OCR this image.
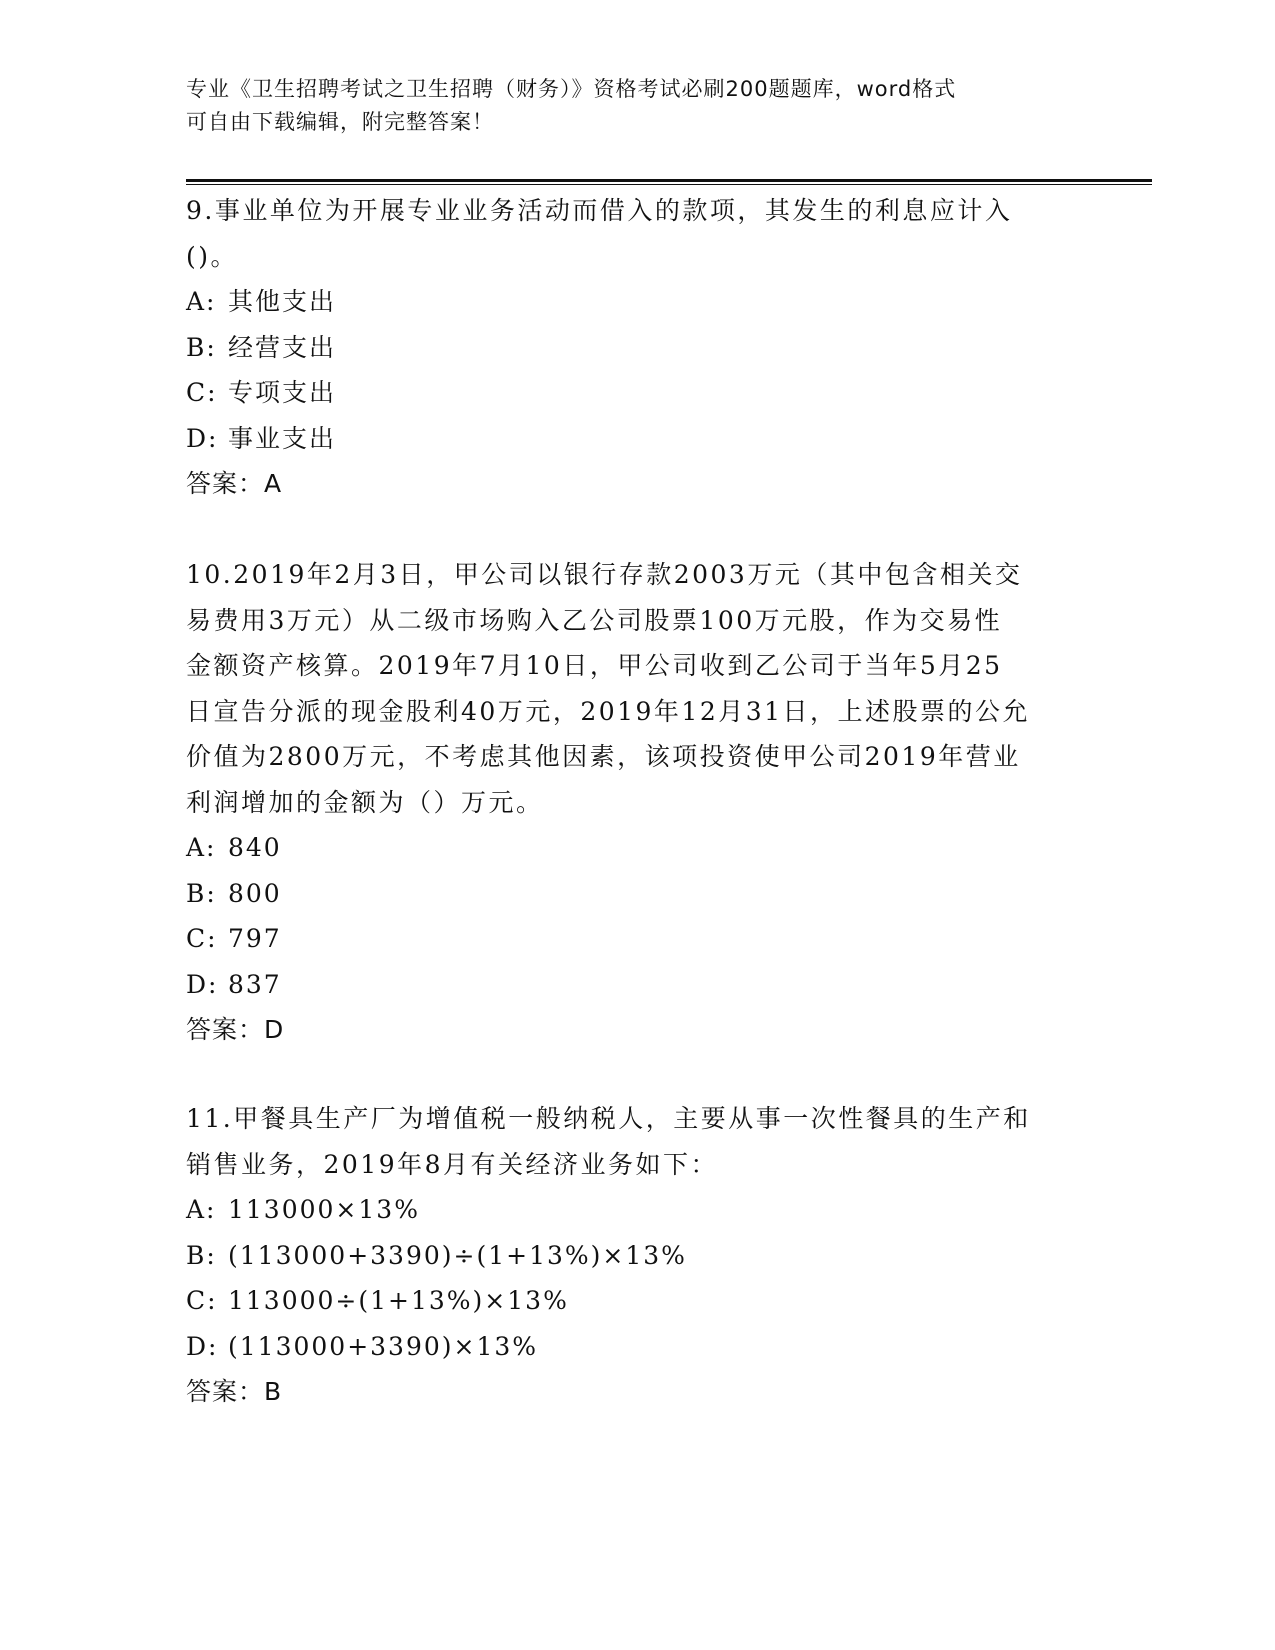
专业《卫生招聘考试之卫生招聘（财务）》资格考试必刷200题题库，word格式
可自由下载编辑，附完整答案！

9.事业单位为开展专业业务活动而借入的款项，其发生的利息应计入

()。

A: 其他支出

B: 经营支出

C: 专项支出

D: 事业支出

答案：A

10.2019年2月3日，甲公司以银行存款2003万元（其中包含相关交

易费用3万元）从二级市场购入乙公司股票100万元股，作为交易性

金额资产核算。2019年7月10日，甲公司收到乙公司于当年5月25

日宣告分派的现金股利40万元，2019年12月31日，上述股票的公允

价值为2800万元，不考虑其他因素，该项投资使甲公司2019年营业

利润增加的金额为（）万元。

A: 840

B: 800

C: 797

D: 837

答案：D

11.甲餐具生产厂为增值税一般纳税人，主要从事一次性餐具的生产和

销售业务，2019年8月有关经济业务如下：

A: 113000×13%

B: (113000+3390)÷(1+13%)×13%

C: 113000÷(1+13%)×13%

D: (113000+3390)×13%

答案：B
